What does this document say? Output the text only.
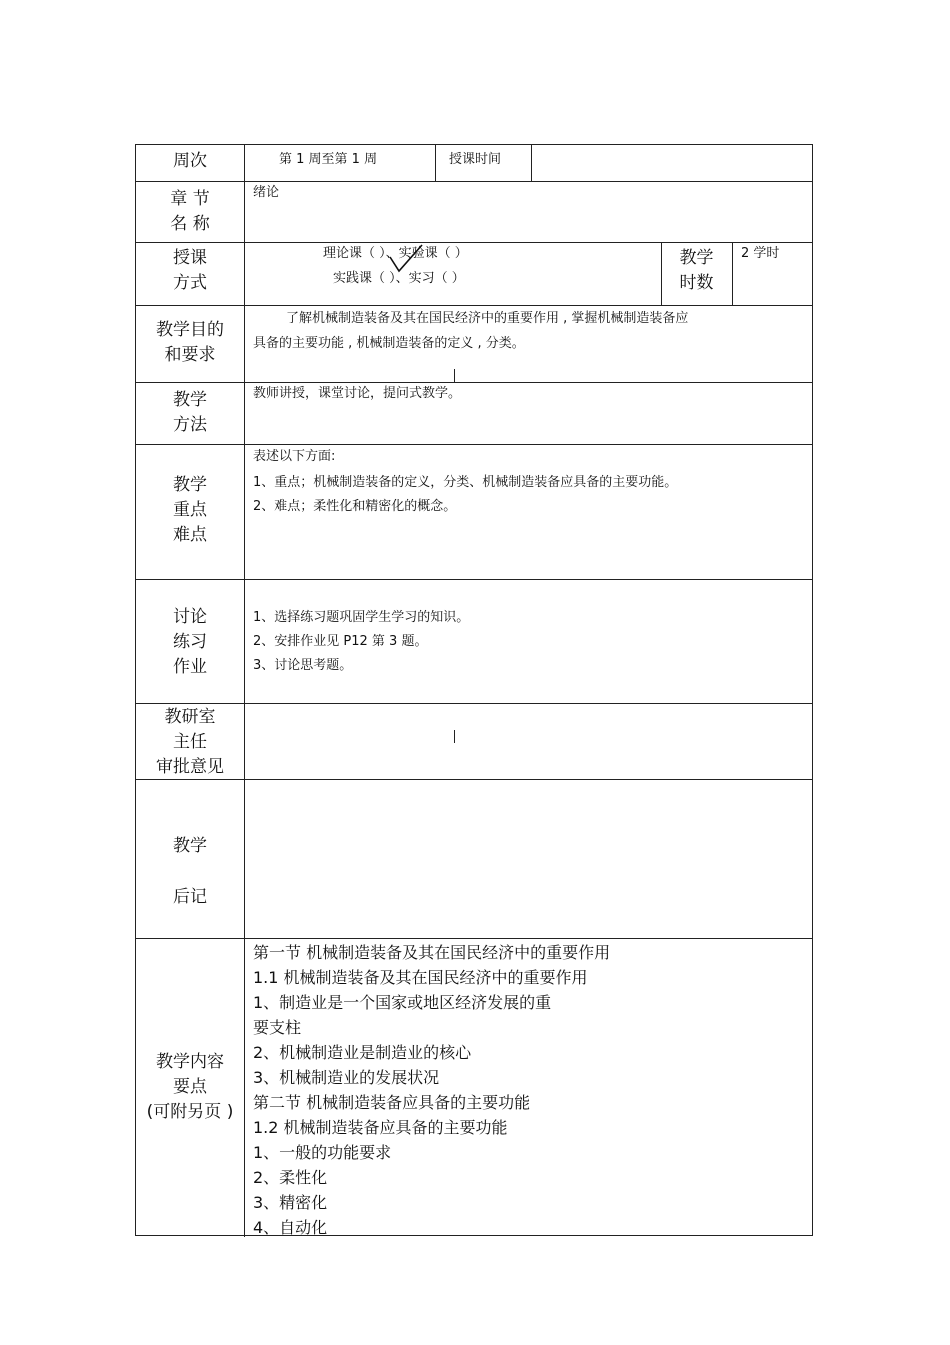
周次	第 1 周至第 1 周	授课时间
章 节
名 称
绪论
授课
方式
理论课（ ）、实验课（ ）
实践课（ ）、实习（ ）
教学
时数
2 学时
教学目的
和要求
了解机械制造装备及其在国民经济中的重要作用 , 掌握机械制造装备应
具备的主要功能 , 机械制造装备的定义 , 分类。
教学
方法
教师讲授，课堂讨论，提问式教学。
教学
重点
难点
表述以下方面:
1、重点；机械制造装备的定义，分类、机械制造装备应具备的主要功能。
2、难点；柔性化和精密化的概念。
讨论
练习
作业
1、选择练习题巩固学生学习的知识。
2、安排作业见 P12 第 3 题。
3、讨论思考题。
教研室
主任
审批意见
教学
后记
教学内容
要点
(可附另页 )
第一节 机械制造装备及其在国民经济中的重要作用
1.1 机械制造装备及其在国民经济中的重要作用
1、制造业是一个国家或地区经济发展的重
要支柱
2、机械制造业是制造业的核心
3、机械制造业的发展状况
第二节 机械制造装备应具备的主要功能
1.2 机械制造装备应具备的主要功能
1、一般的功能要求
2、柔性化
3、精密化
4、自动化
